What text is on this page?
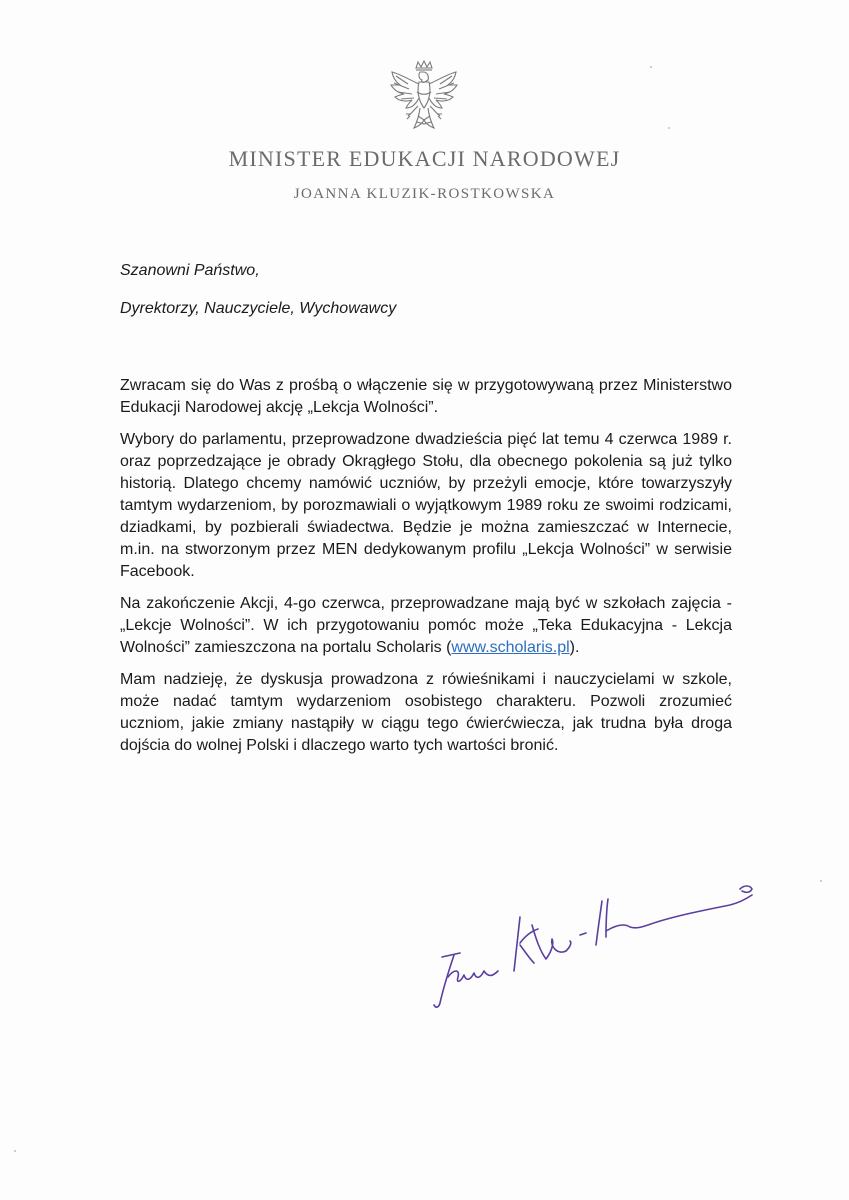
MINISTER EDUKACJI NARODOWEJ
JOANNA KLUZIK-ROSTKOWSKA
Szanowni Państwo,
Dyrektorzy, Nauczyciele, Wychowawcy

Zwracam się do Was z prośbą o włączenie się w przygotowywaną przez Ministerstwo Edukacji Narodowej akcję „Lekcja Wolności”.

Wybory do parlamentu, przeprowadzone dwadzieścia pięć lat temu 4 czerwca 1989 r. oraz poprzedzające je obrady Okrągłego Stołu, dla obecnego pokolenia są już tylko historią. Dlatego chcemy namówić uczniów, by przeżyli emocje, które towarzyszyły tamtym wydarzeniom, by porozmawiali o wyjątkowym 1989 roku ze swoimi rodzicami, dziadkami, by pozbierali świadectwa. Będzie je można zamieszczać w Internecie, m.in. na stworzonym przez MEN dedykowanym profilu „Lekcja Wolności” w serwisie Facebook.

Na zakończenie Akcji, 4-go czerwca, przeprowadzane mają być w szkołach zajęcia - „Lekcje Wolności”. W ich przygotowaniu pomóc może „Teka Edukacyjna - Lekcja Wolności” zamieszczona na portalu Scholaris (www.scholaris.pl).

Mam nadzieję, że dyskusja prowadzona z rówieśnikami i nauczycielami w szkole, może nadać tamtym wydarzeniom osobistego charakteru. Pozwoli zrozumieć uczniom, jakie zmiany nastąpiły w ciągu tego ćwierćwiecza, jak trudna była droga dojścia do wolnej Polski i dlaczego warto tych wartości bronić.
